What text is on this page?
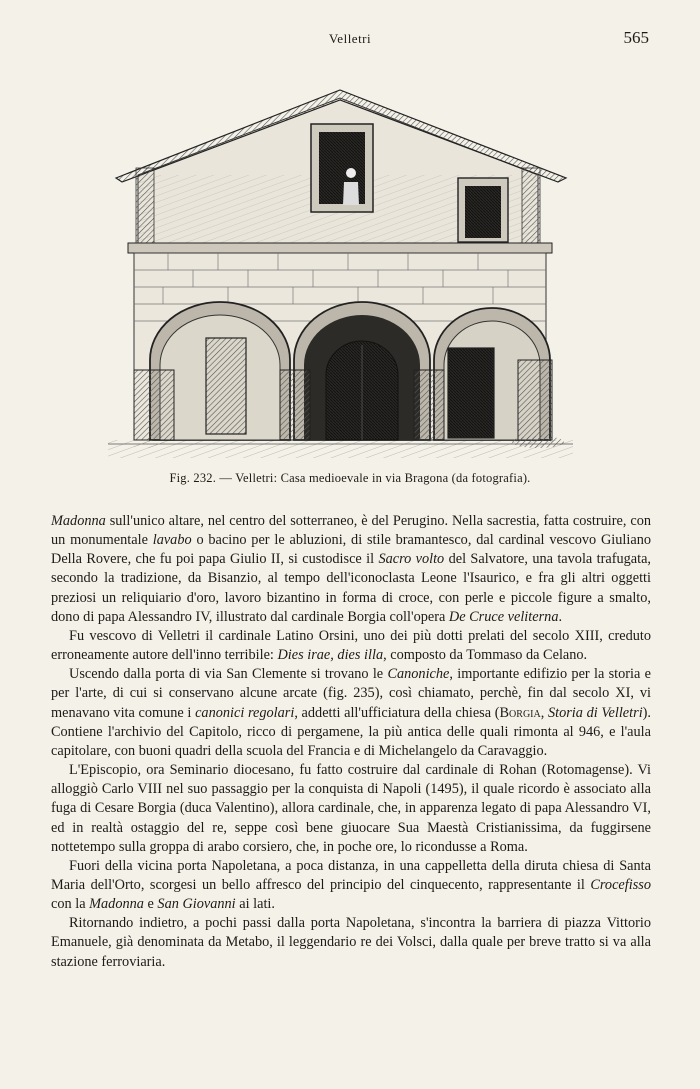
Velletri	565
Fig. 232. — Velletri: Casa medioevale in via Bragona (da fotografia).

Madonna sull'unico altare, nel centro del sotterraneo, è del Perugino. Nella sacrestia, fatta costruire, con un monumentale lavabo o bacino per le abluzioni, di stile bramantesco, dal cardinal vescovo Giuliano Della Rovere, che fu poi papa Giulio II, si custodisce il Sacro volto del Salvatore, una tavola trafugata, secondo la tradizione, da Bisanzio, al tempo dell'iconoclasta Leone l'Isaurico, e fra gli altri oggetti preziosi un reliquiario d'oro, lavoro bizantino in forma di croce, con perle e piccole figure a smalto, dono di papa Alessandro IV, illustrato dal cardinale Borgia coll'opera De Cruce veliterna.

Fu vescovo di Velletri il cardinale Latino Orsini, uno dei più dotti prelati del secolo XIII, creduto erroneamente autore dell'inno terribile: Dies irae, dies illa, composto da Tommaso da Celano.

Uscendo dalla porta di via San Clemente si trovano le Canoniche, importante edifizio per la storia e per l'arte, di cui si conservano alcune arcate (fig. 235), così chiamato, perchè, fin dal secolo XI, vi menavano vita comune i canonici regolari, addetti all'ufficiatura della chiesa (Borgia, Storia di Velletri). Contiene l'archivio del Capitolo, ricco di pergamene, la più antica delle quali rimonta al 946, e l'aula capitolare, con buoni quadri della scuola del Francia e di Michelangelo da Caravaggio.

L'Episcopio, ora Seminario diocesano, fu fatto costruire dal cardinale di Rohan (Rotomagense). Vi alloggiò Carlo VIII nel suo passaggio per la conquista di Napoli (1495), il quale ricordo è associato alla fuga di Cesare Borgia (duca Valentino), allora cardinale, che, in apparenza legato di papa Alessandro VI, ed in realtà ostaggio del re, seppe così bene giuocare Sua Maestà Cristianissima, da fuggirsene nottetempo sulla groppa di arabo corsiero, che, in poche ore, lo ricondusse a Roma.

Fuori della vicina porta Napoletana, a poca distanza, in una cappelletta della diruta chiesa di Santa Maria dell'Orto, scorgesi un bello affresco del principio del cinquecento, rappresentante il Crocefisso con la Madonna e San Giovanni ai lati.

Ritornando indietro, a pochi passi dalla porta Napoletana, s'incontra la barriera di piazza Vittorio Emanuele, già denominata da Metabo, il leggendario re dei Volsci, dalla quale per breve tratto si va alla stazione ferroviaria.
